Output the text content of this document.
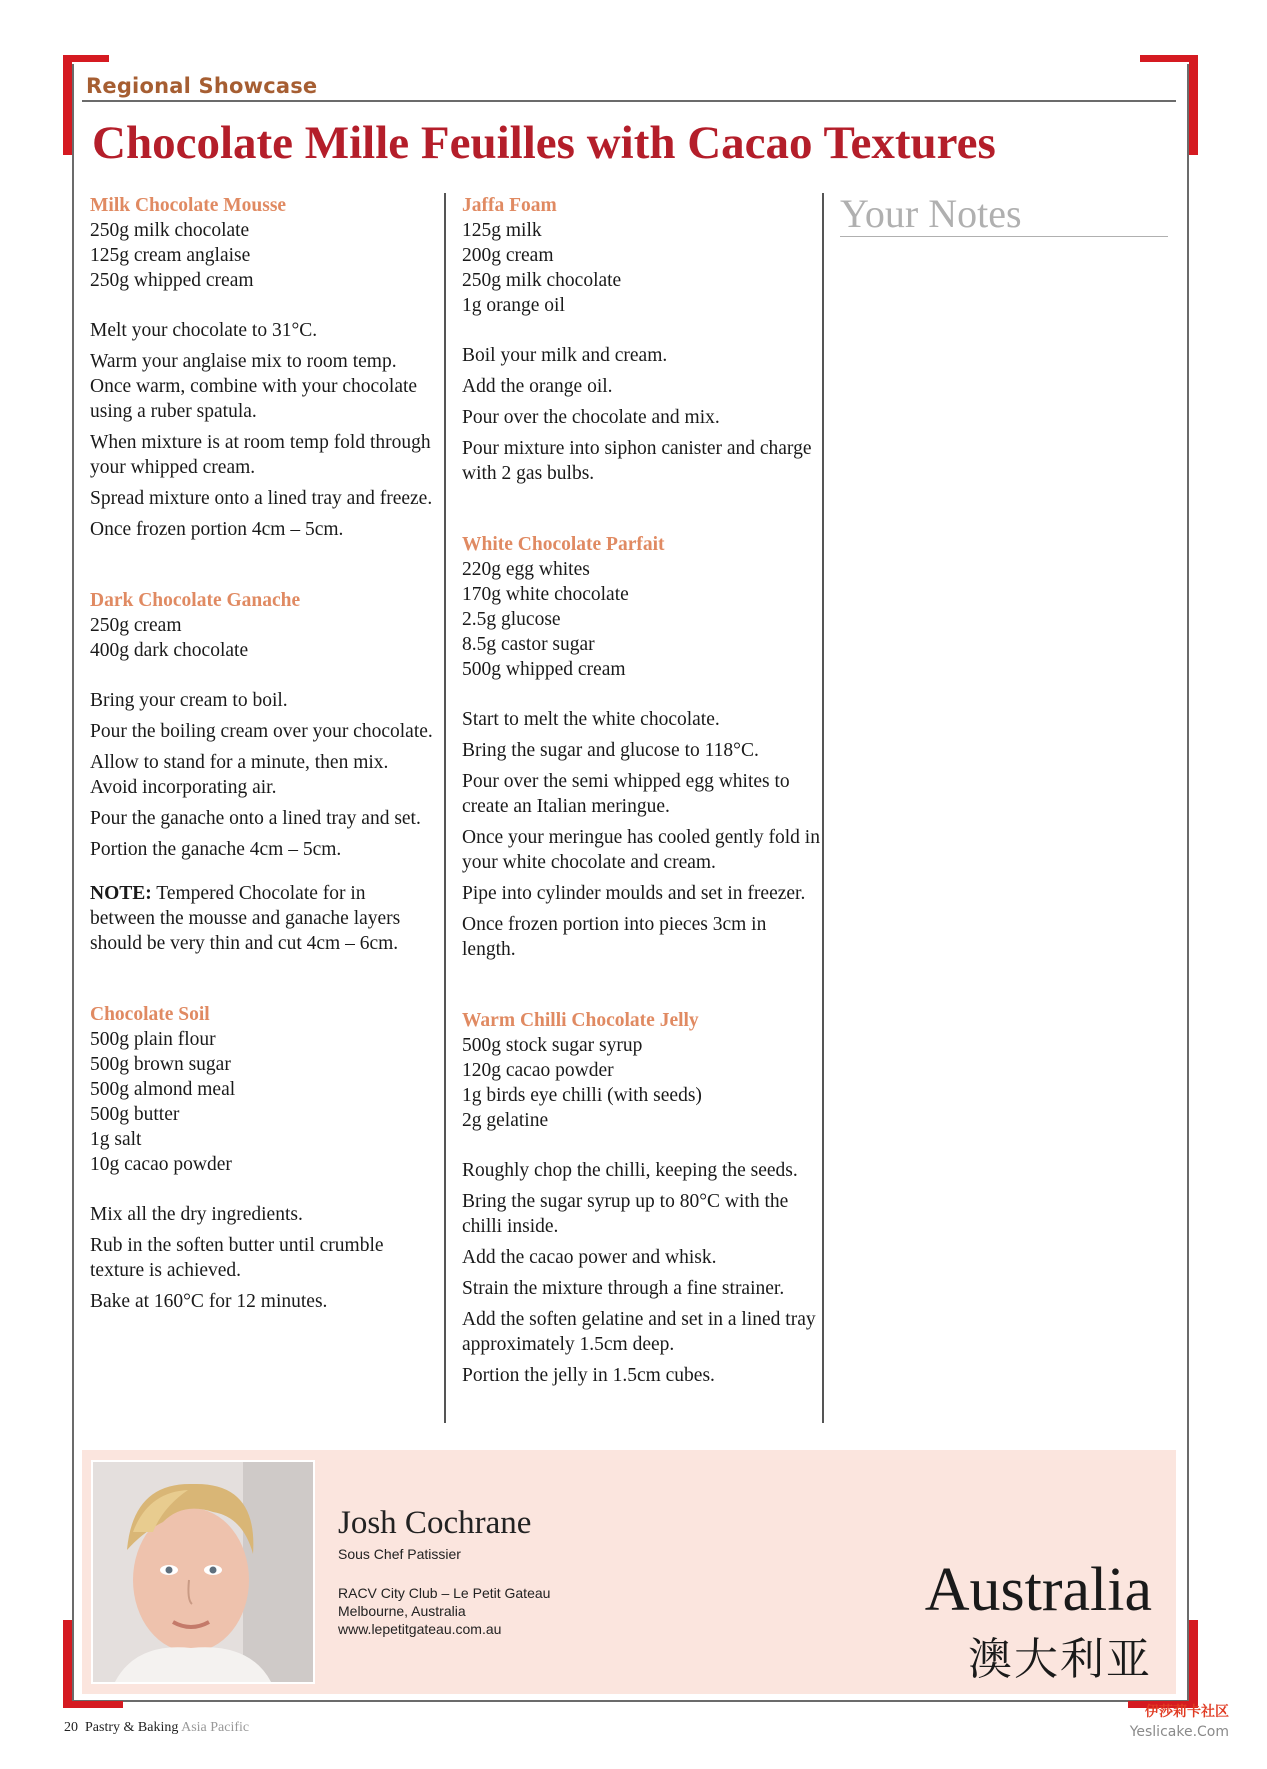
Regional Showcase
Chocolate Mille Feuilles with Cacao Textures
Milk Chocolate Mousse
250g milk chocolate
125g cream anglaise
250g whipped cream

Melt your chocolate to 31°C.

Warm your anglaise mix to room temp. Once warm, combine with your chocolate using a ruber spatula.

When mixture is at room temp fold through your whipped cream.

Spread mixture onto a lined tray and freeze.

Once frozen portion 4cm – 5cm.

Dark Chocolate Ganache
250g cream
400g dark chocolate

Bring your cream to boil.

Pour the boiling cream over your chocolate.

Allow to stand for a minute, then mix. Avoid incorporating air.

Pour the ganache onto a lined tray and set.

Portion the ganache 4cm – 5cm.

NOTE: Tempered Chocolate for in between the mousse and ganache layers should be very thin and cut 4cm – 6cm.

Chocolate Soil
500g plain flour
500g brown sugar
500g almond meal
500g butter
1g salt
10g cacao powder

Mix all the dry ingredients.

Rub in the soften butter until crumble texture is achieved.

Bake at 160°C for 12 minutes.

Jaffa Foam
125g milk
200g cream
250g milk chocolate
1g orange oil

Boil your milk and cream.

Add the orange oil.

Pour over the chocolate and mix.

Pour mixture into siphon canister and charge with 2 gas bulbs.

White Chocolate Parfait
220g egg whites
170g white chocolate
2.5g glucose
8.5g castor sugar
500g whipped cream

Start to melt the white chocolate.

Bring the sugar and glucose to 118°C.

Pour over the semi whipped egg whites to create an Italian meringue.

Once your meringue has cooled gently fold in your white chocolate and cream.

Pipe into cylinder moulds and set in freezer.

Once frozen portion into pieces 3cm in length.

Warm Chilli Chocolate Jelly
500g stock sugar syrup
120g cacao powder
1g birds eye chilli (with seeds)
2g gelatine

Roughly chop the chilli, keeping the seeds.

Bring the sugar syrup up to 80°C with the chilli inside.

Add the cacao power and whisk.

Strain the mixture through a fine strainer.

Add the soften gelatine and set in a lined tray approximately 1.5cm deep.

Portion the jelly in 1.5cm cubes.

Your Notes
Josh Cochrane
Sous Chef Patissier
RACV City Club – Le Petit Gateau
Melbourne, Australia
www.lepetitgateau.com.au
Australia
澳大利亚
20 Pastry & Baking Asia Pacific
伊莎莉卡社区
Yeslicake.Com
